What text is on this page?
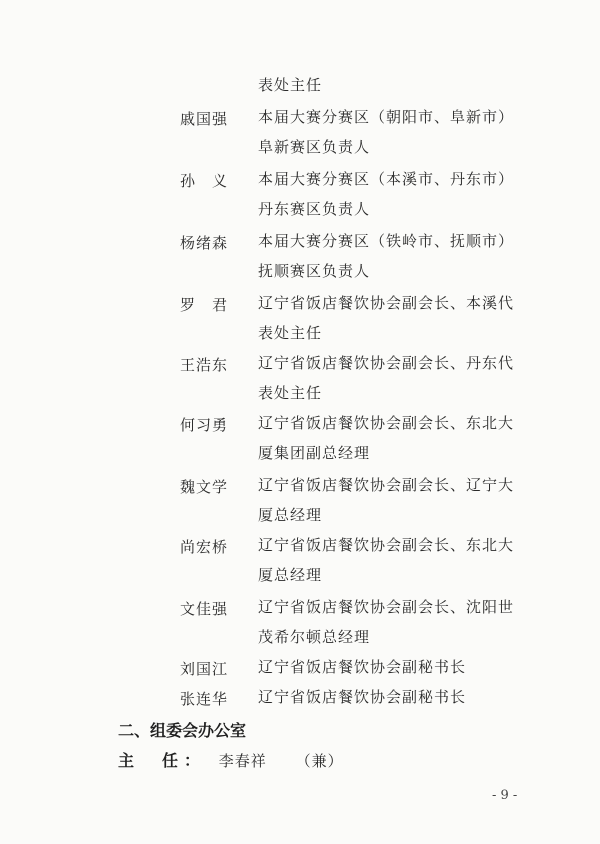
表处主任
戚国强	本届大赛分赛区（朝阳市、阜新市）
阜新赛区负责人
孙　义	本届大赛分赛区（本溪市、丹东市）
丹东赛区负责人
杨绪森	本届大赛分赛区（铁岭市、抚顺市）
抚顺赛区负责人
罗　君	辽宁省饭店餐饮协会副会长、本溪代
表处主任
王浩东	辽宁省饭店餐饮协会副会长、丹东代
表处主任
何习勇	辽宁省饭店餐饮协会副会长、东北大
厦集团副总经理
魏文学	辽宁省饭店餐饮协会副会长、辽宁大
厦总经理
尚宏桥	辽宁省饭店餐饮协会副会长、东北大
厦总经理
文佳强	辽宁省饭店餐饮协会副会长、沈阳世
茂希尔顿总经理
刘国江	辽宁省饭店餐饮协会副秘书长
张连华	辽宁省饭店餐饮协会副秘书长
二、组委会办公室
主　任： 李春祥 （兼）
- 9 -
